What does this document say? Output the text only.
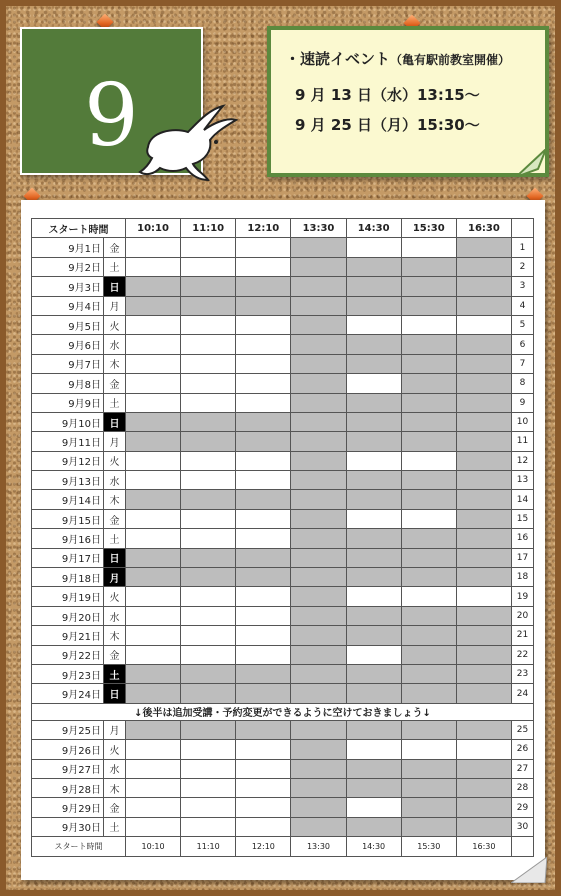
9
・速読イベント（亀有駅前教室開催）
9 月 13 日（水）13:15〜
9 月 25 日（月）15:30〜
スタート時間		10:10	11:10	12:10	13:30	14:30	15:30	16:30	
9月1日	金								1
9月2日	土								2
9月3日	日								3
9月4日	月								4
9月5日	火								5
9月6日	水								6
9月7日	木								7
9月8日	金								8
9月9日	土								9
9月10日	日								10
9月11日	月								11
9月12日	火								12
9月13日	水								13
9月14日	木								14
9月15日	金								15
9月16日	土								16
9月17日	日								17
9月18日	月								18
9月19日	火								19
9月20日	水								20
9月21日	木								21
9月22日	金								22
9月23日	土								23
9月24日	日								24
↓後半は追加受講・予約変更ができるように空けておきましょう↓									
9月25日	月								25
9月26日	火								26
9月27日	水								27
9月28日	木								28
9月29日	金								29
9月30日	土								30
スタート時間		10:10	11:10	12:10	13:30	14:30	15:30	16:30	
